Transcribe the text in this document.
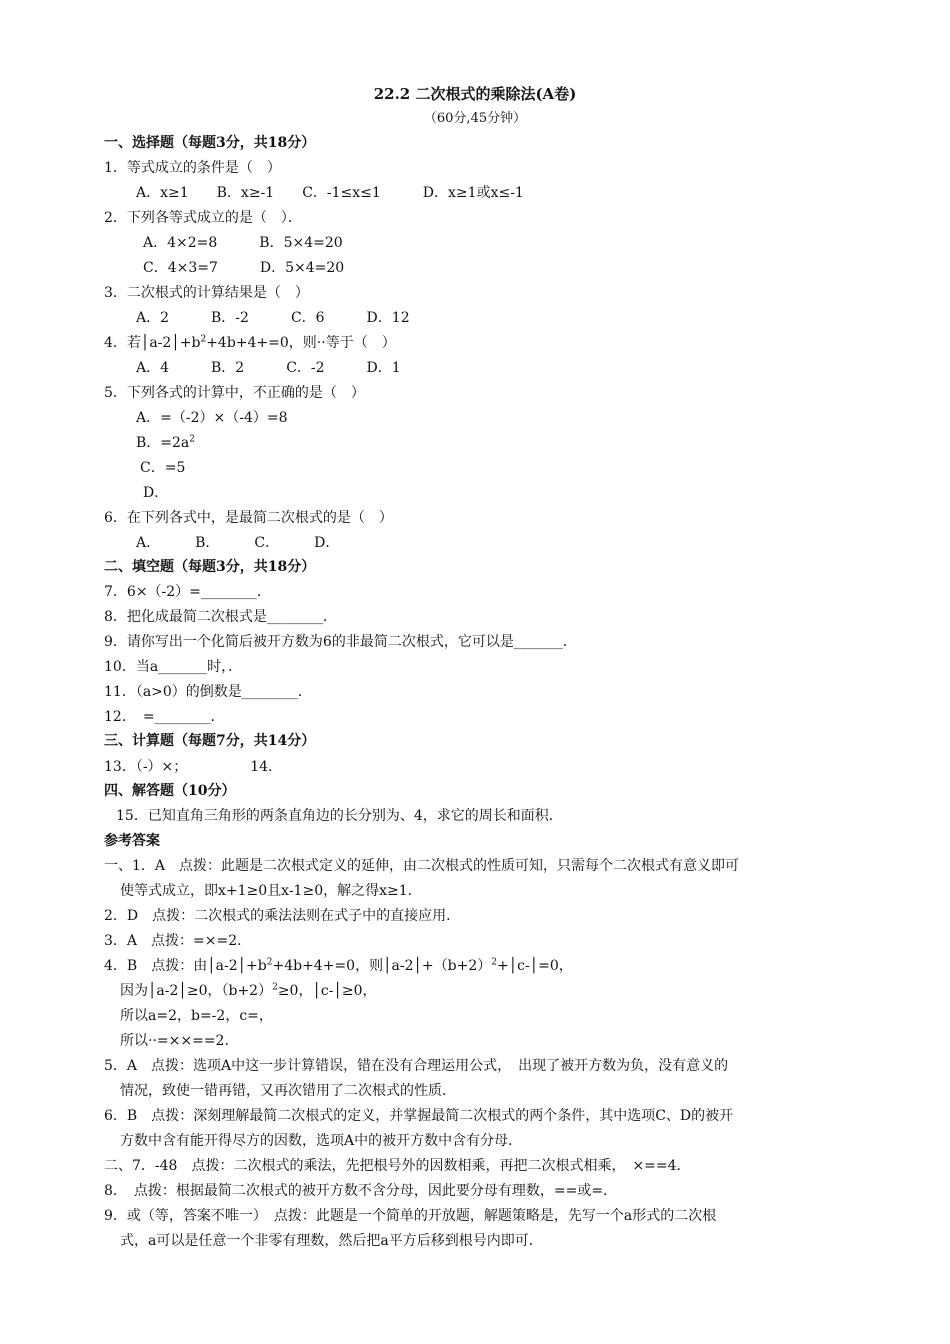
22.2 二次根式的乘除法(A卷)
（60分,45分钟）
一、选择题（每题3分，共18分）
1．等式成立的条件是（　）
A．x≥1　　B．x≥-1　　C．-1≤x≤1　　　D．x≥1或x≤-1
2．下列各等式成立的是（　）．
A．4×2=8　　　B．5×4=20
C．4×3=7　　　D．5×4=20
3．二次根式的计算结果是（　）
A．2　　　B．-2　　　C．6　　　D．12
4．若$│a-2│+b^2+4b+4+=0$，则··等于（　）
A．4　　　B．2　　　C．-2　　　D．1
5．下列各式的计算中，不正确的是（　）
A．=（-2）×（-4）=8
B．$=2a^2$
C．=5
D．
6．在下列各式中，是最简二次根式的是（　）
A．　　　B．　　　C．　　　D．
二、填空题（每题3分，共18分）
7．6×（-2）=________．
8．把化成最简二次根式是________．
9．请你写出一个化简后被开方数为6的非最简二次根式，它可以是_______．
10．当a_______时，．
11．（a>0）的倒数是________．
12．　=________．
三、计算题（每题7分，共14分）
13．（-）×；　　　　　14．
四、解答题（10分）
15．已知直角三角形的两条直角边的长分别为、4，求它的周长和面积．
参考答案
一、1．A　点拨：此题是二次根式定义的延伸，由二次根式的性质可知，只需每个二次根式有意义即可
使等式成立，即x+1≥0且x-1≥0，解之得x≥1．
2．D　点拨：二次根式的乘法法则在式子中的直接应用．
3．A　点拨：=×=2．
4．B　点拨：由$│a-2│+b^2+4b+4+=0$，则$│a-2│+(b+2)^2+│c-│=0$，
因为│a-2│≥0，$(b+2)^2\ge 0$，│c-│≥0，
所以a=2，b=-2，c=，
所以··=××==2．
5．A　点拨：选项A中这一步计算错误，错在没有合理运用公式，　出现了被开方数为负，没有意义的
情况，致使一错再错，又再次错用了二次根式的性质．
6．B　点拨：深刻理解最简二次根式的定义，并掌握最简二次根式的两个条件，其中选项C、D的被开
方数中含有能开得尽方的因数，选项A中的被开方数中含有分母．
二、7．-48　点拨：二次根式的乘法，先把根号外的因数相乘，再把二次根式相乘，　×==4．
8．　点拨：根据最简二次根式的被开方数不含分母，因此要分母有理数，==或=．
9．或（等，答案不唯一）　点拨：此题是一个简单的开放题，解题策略是，先写一个a形式的二次根
式，a可以是任意一个非零有理数，然后把a平方后移到根号内即可．
